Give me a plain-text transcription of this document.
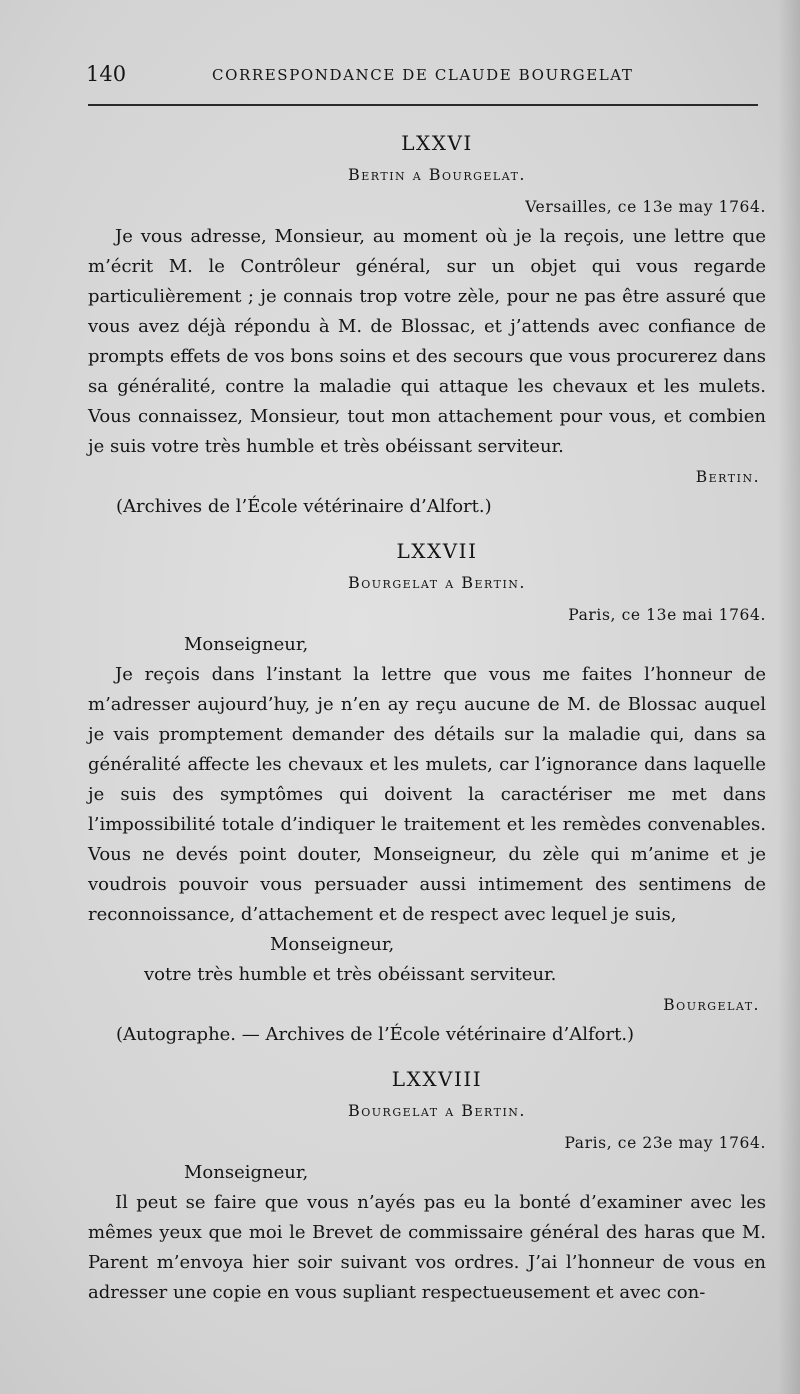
140	CORRESPONDANCE DE CLAUDE BOURGELAT

LXXVI

Bertin a Bourgelat.

Versailles, ce 13e may 1764.

Je vous adresse, Monsieur, au moment où je la reçois, une lettre que m’écrit M. le Contrôleur général, sur un objet qui vous regarde particulièrement ; je connais trop votre zèle, pour ne pas être assuré que vous avez déjà répondu à M. de Blossac, et j’attends avec confiance de prompts effets de vos bons soins et des secours que vous procurerez dans sa généralité, contre la maladie qui attaque les chevaux et les mulets. Vous connaissez, Monsieur, tout mon attachement pour vous, et combien je suis votre très humble et très obéissant serviteur.

Bertin.

(Archives de l’École vétérinaire d’Alfort.)

LXXVII

Bourgelat a Bertin.

Paris, ce 13e mai 1764.

Monseigneur,

Je reçois dans l’instant la lettre que vous me faites l’honneur de m’adresser aujourd’huy, je n’en ay reçu aucune de M. de Blossac auquel je vais promptement demander des détails sur la maladie qui, dans sa généralité affecte les chevaux et les mulets, car l’ignorance dans laquelle je suis des symptômes qui doivent la caractériser me met dans l’impossibilité totale d’indiquer le traitement et les remèdes convenables. Vous ne devés point douter, Monseigneur, du zèle qui m’anime et je voudrois pouvoir vous persuader aussi intimement des sentimens de reconnoissance, d’attachement et de respect avec lequel je suis,

Monseigneur,

votre très humble et très obéissant serviteur.

Bourgelat.

(Autographe. — Archives de l’École vétérinaire d’Alfort.)

LXXVIII

Bourgelat a Bertin.

Paris, ce 23e may 1764.

Monseigneur,

Il peut se faire que vous n’ayés pas eu la bonté d’examiner avec les mêmes yeux que moi le Brevet de commissaire général des haras que M. Parent m’envoya hier soir suivant vos ordres. J’ai l’honneur de vous en adresser une copie en vous supliant respectueusement et avec con-
